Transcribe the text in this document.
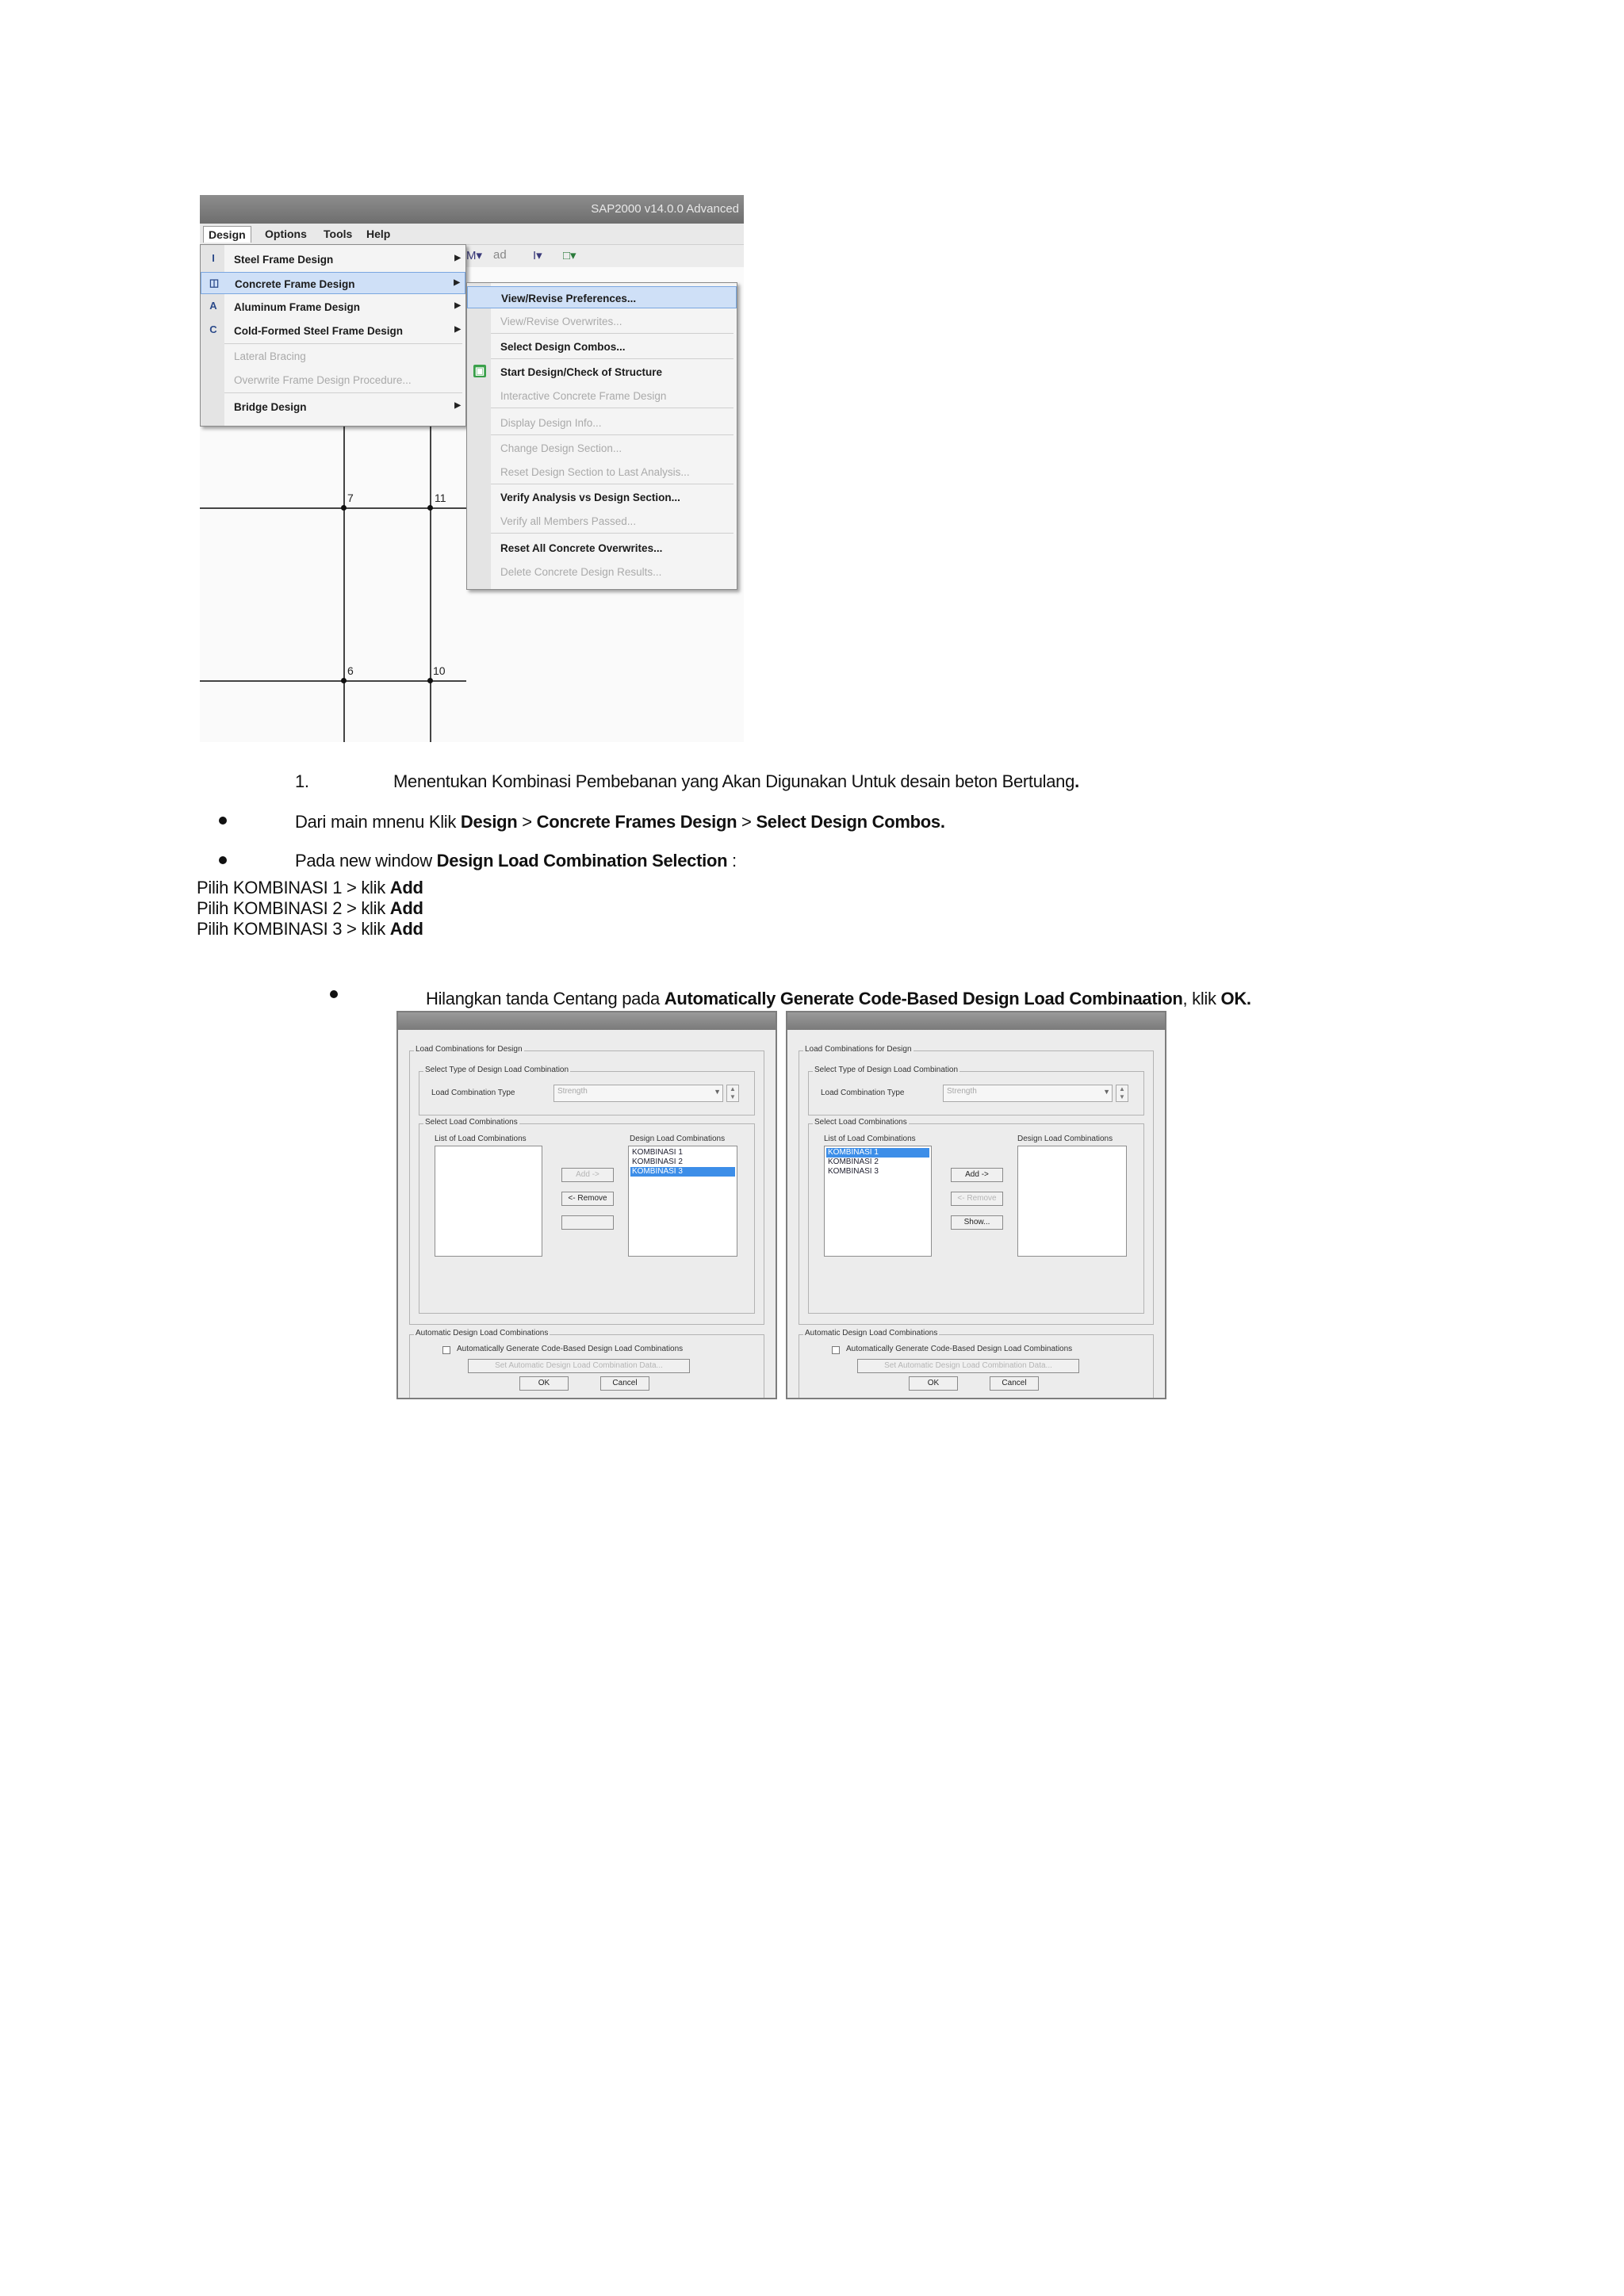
SAP2000 v14.0.0 Advanced
Design	Options	Tools	Help
M▾ ad I▾ □▾
7	11
6	10
I	Steel Frame Design	▶
◫ Concrete Frame Design	▶
A Aluminum Frame Design	▶
C Cold-Formed Steel Frame Design	▶
Lateral Bracing
Overwrite Frame Design Procedure...
Bridge Design	▶
View/Revise Preferences...
View/Revise Overwrites...
Select Design Combos...
▣ Start Design/Check of Structure
Interactive Concrete Frame Design
Display Design Info...
Change Design Section...
Reset Design Section to Last Analysis...
Verify Analysis vs Design Section...
Verify all Members Passed...
Reset All Concrete Overwrites...
Delete Concrete Design Results...
1.	Menentukan Kombinasi Pembebanan yang Akan Digunakan Untuk desain beton Bertulang.
Dari main mnenu Klik Design > Concrete Frames Design > Select Design Combos.
Pada new window Design Load Combination Selection :
Pilih KOMBINASI 1 > klik Add
Pilih KOMBINASI 2 > klik Add
Pilih KOMBINASI 3 > klik Add
Hilangkan tanda Centang pada Automatically Generate Code-Based Design Load Combinaation, klik OK.
Load Combinations for Design
Select Type of Design Load Combination
Load Combination Type	Strength	▼	▲
▼
Select Load Combinations
List of Load Combinations	Design Load Combinations
KOMBINASI 1
KOMBINASI 2
KOMBINASI 3
Add ->
<- Remove
Automatic Design Load Combinations
Automatically Generate Code-Based Design Load Combinations
Set Automatic Design Load Combination Data...
OK	Cancel
Load Combinations for Design
Select Type of Design Load Combination
Load Combination Type	Strength	▼	▲
▼
Select Load Combinations
List of Load Combinations	Design Load Combinations
KOMBINASI 1
KOMBINASI 2
KOMBINASI 3	Add ->
<- Remove
Show...
Automatic Design Load Combinations
Automatically Generate Code-Based Design Load Combinations
Set Automatic Design Load Combination Data...
OK	Cancel
